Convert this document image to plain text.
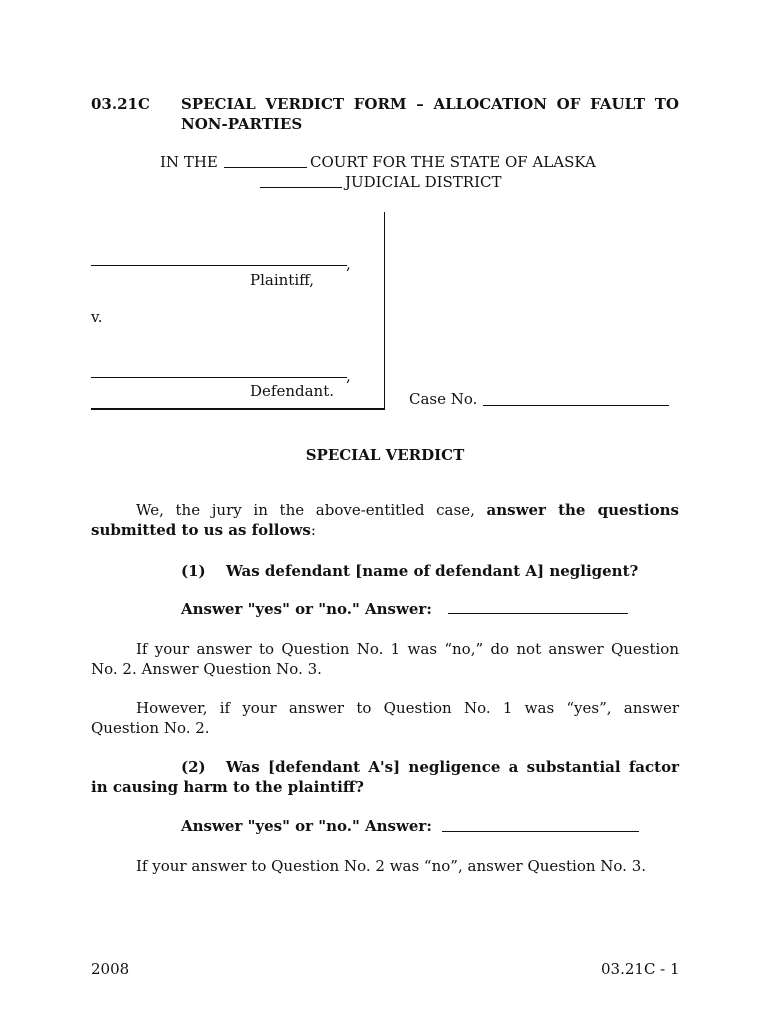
03.21C SPECIAL VERDICT FORM – ALLOCATION OF FAULT TO
NON-PARTIES
IN THE	COURT FOR THE STATE OF ALASKA
JUDICIAL DISTRICT
,
Plaintiff,
v.
,
Defendant.	Case No.
SPECIAL VERDICT
We, the jury in the above-entitled case, answer the questions
submitted to us as follows:
(1) Was defendant [name of defendant A] negligent?
Answer "yes" or "no." Answer:
If your answer to Question No. 1 was “no,” do not answer Question
No. 2. Answer Question No. 3.
However, if your answer to Question No. 1 was “yes”, answer
Question No. 2.
(2) Was [defendant A's] negligence a substantial factor
in causing harm to the plaintiff?
Answer "yes" or "no." Answer:
If your answer to Question No. 2 was “no”, answer Question No. 3.
2008	03.21C - 1
